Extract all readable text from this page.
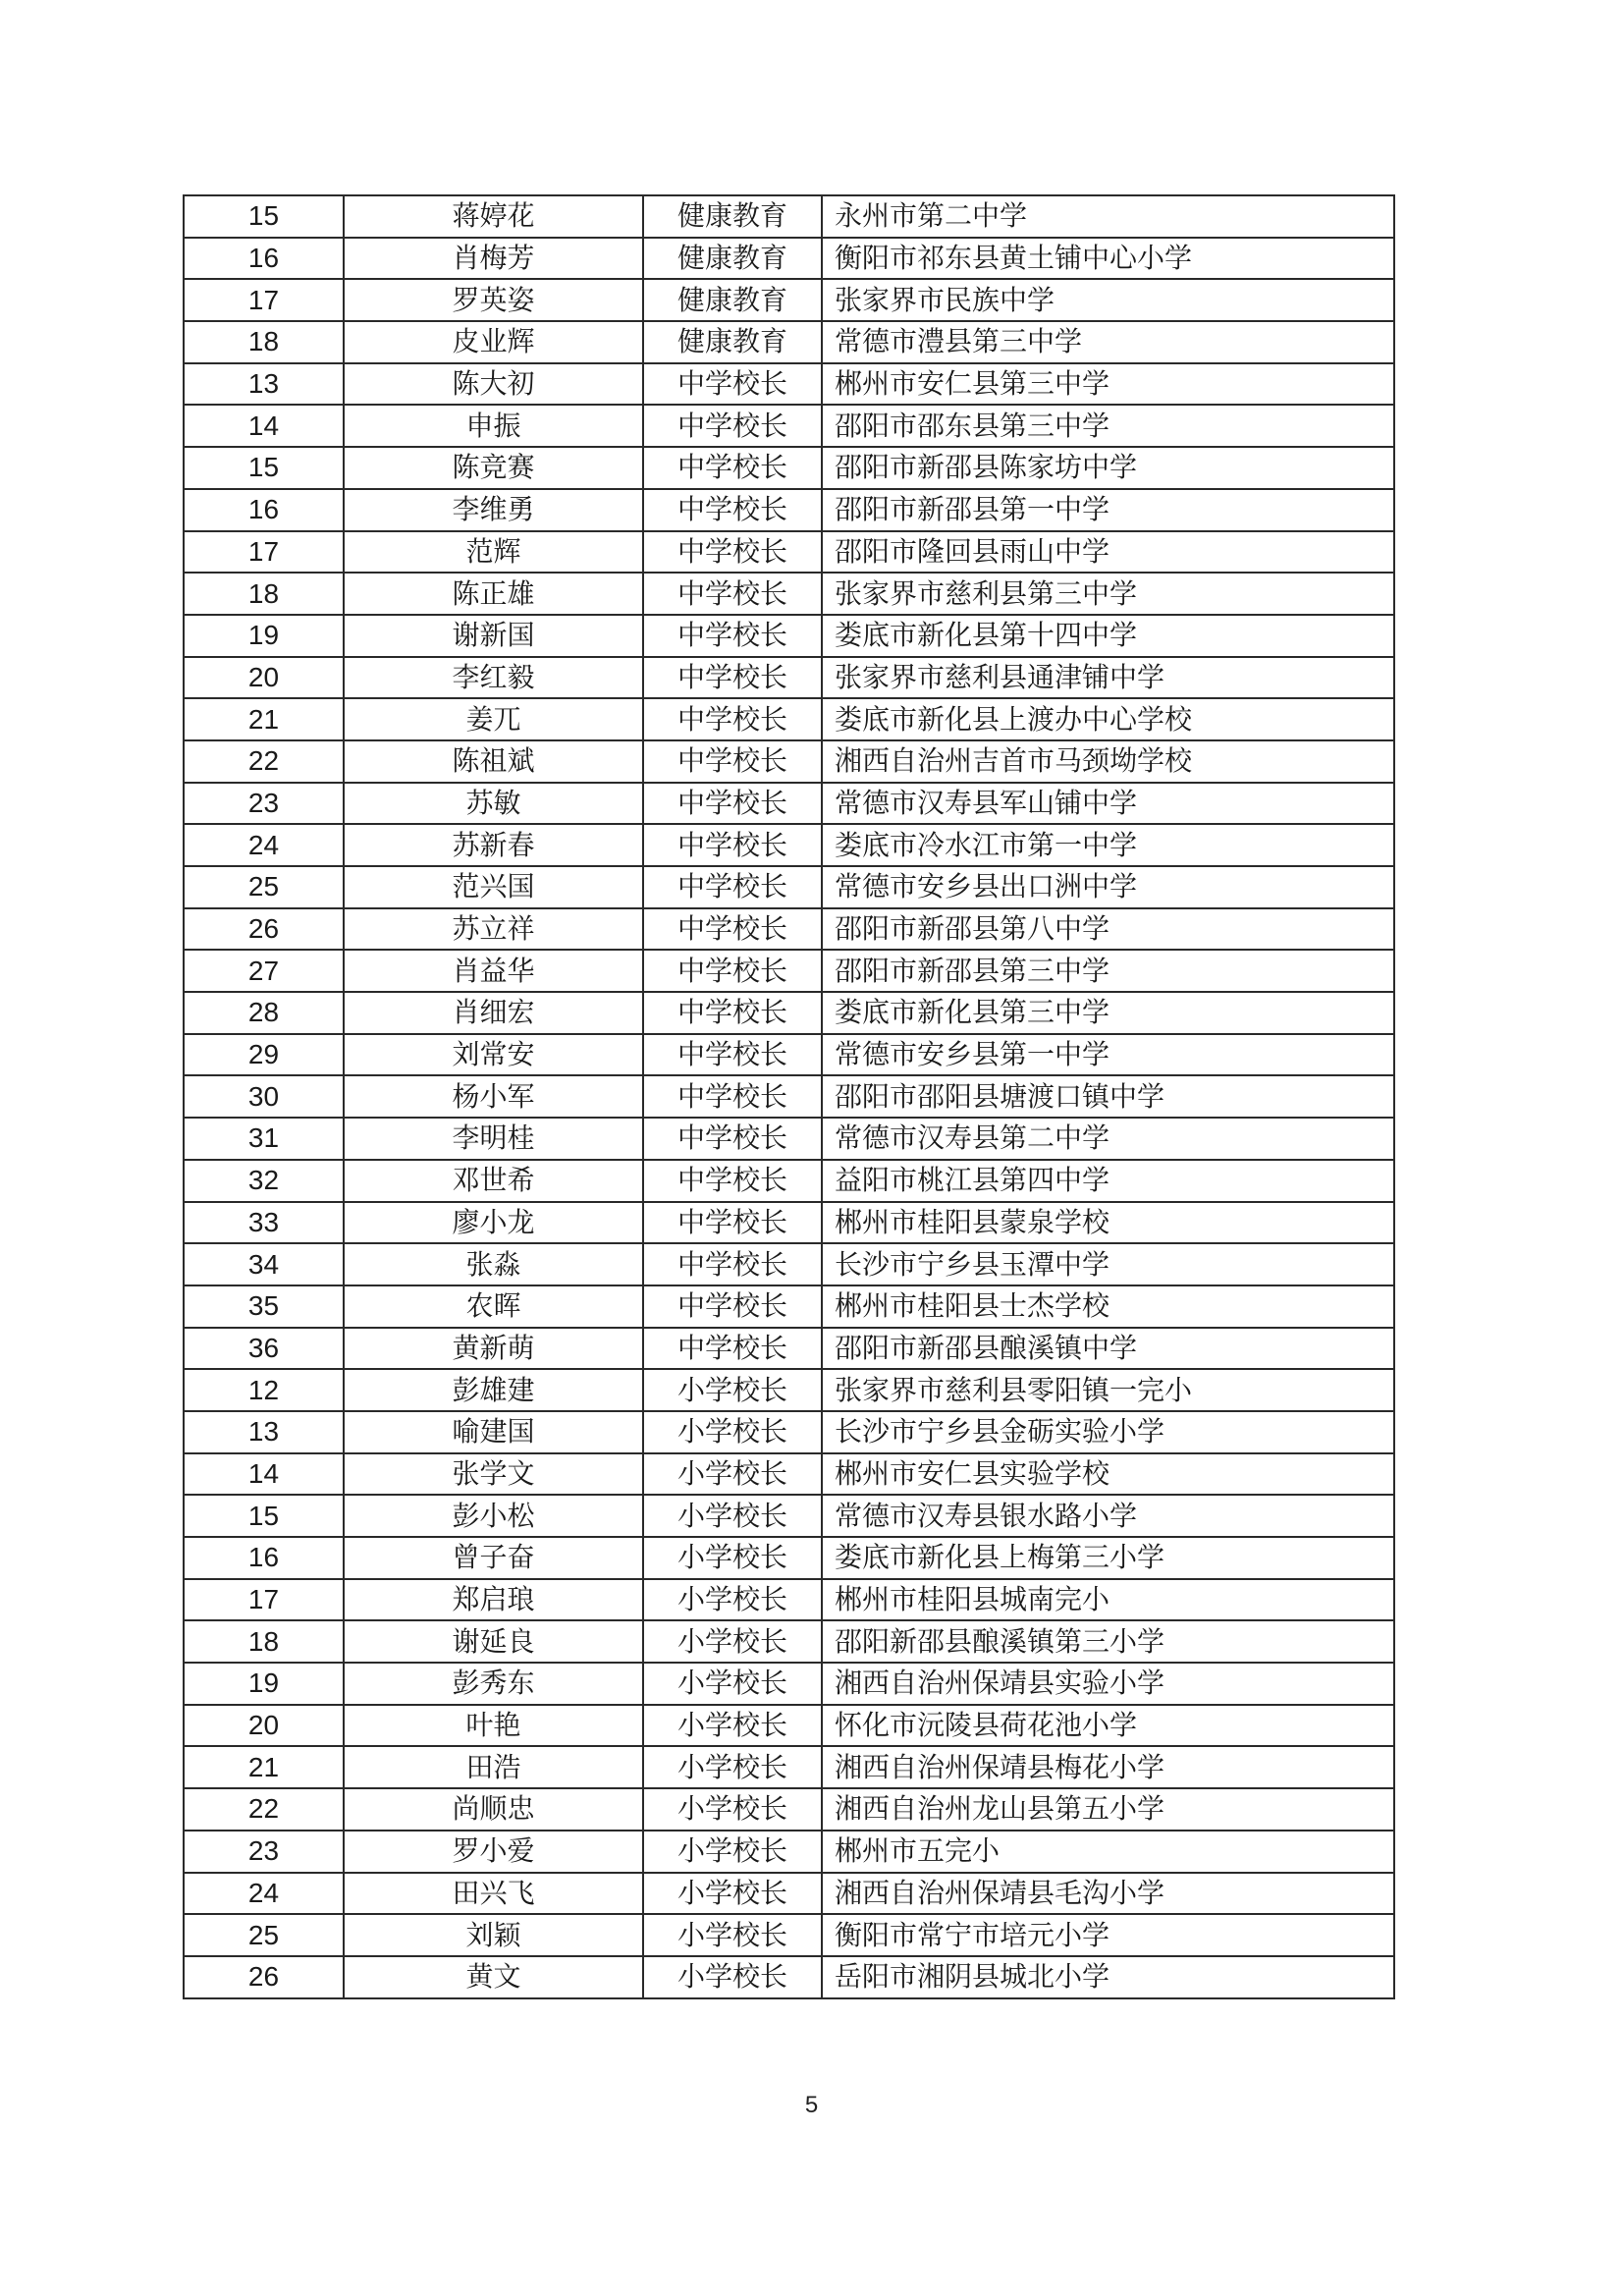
15	蒋婷花	健康教育	永州市第二中学
16	肖梅芳	健康教育	衡阳市祁东县黄土铺中心小学
17	罗英姿	健康教育	张家界市民族中学
18	皮业辉	健康教育	常德市澧县第三中学
13	陈大初	中学校长	郴州市安仁县第三中学
14	申振	中学校长	邵阳市邵东县第三中学
15	陈竞赛	中学校长	邵阳市新邵县陈家坊中学
16	李维勇	中学校长	邵阳市新邵县第一中学
17	范辉	中学校长	邵阳市隆回县雨山中学
18	陈正雄	中学校长	张家界市慈利县第三中学
19	谢新国	中学校长	娄底市新化县第十四中学
20	李红毅	中学校长	张家界市慈利县通津铺中学
21	姜兀	中学校长	娄底市新化县上渡办中心学校
22	陈祖斌	中学校长	湘西自治州吉首市马颈坳学校
23	苏敏	中学校长	常德市汉寿县军山铺中学
24	苏新春	中学校长	娄底市冷水江市第一中学
25	范兴国	中学校长	常德市安乡县出口洲中学
26	苏立祥	中学校长	邵阳市新邵县第八中学
27	肖益华	中学校长	邵阳市新邵县第三中学
28	肖细宏	中学校长	娄底市新化县第三中学
29	刘常安	中学校长	常德市安乡县第一中学
30	杨小军	中学校长	邵阳市邵阳县塘渡口镇中学
31	李明桂	中学校长	常德市汉寿县第二中学
32	邓世希	中学校长	益阳市桃江县第四中学
33	廖小龙	中学校长	郴州市桂阳县蒙泉学校
34	张淼	中学校长	长沙市宁乡县玉潭中学
35	农晖	中学校长	郴州市桂阳县士杰学校
36	黄新萌	中学校长	邵阳市新邵县酿溪镇中学
12	彭雄建	小学校长	张家界市慈利县零阳镇一完小
13	喻建国	小学校长	长沙市宁乡县金砺实验小学
14	张学文	小学校长	郴州市安仁县实验学校
15	彭小松	小学校长	常德市汉寿县银水路小学
16	曾子奋	小学校长	娄底市新化县上梅第三小学
17	郑启琅	小学校长	郴州市桂阳县城南完小
18	谢延良	小学校长	邵阳新邵县酿溪镇第三小学
19	彭秀东	小学校长	湘西自治州保靖县实验小学
20	叶艳	小学校长	怀化市沅陵县荷花池小学
21	田浩	小学校长	湘西自治州保靖县梅花小学
22	尚顺忠	小学校长	湘西自治州龙山县第五小学
23	罗小爱	小学校长	郴州市五完小
24	田兴飞	小学校长	湘西自治州保靖县毛沟小学
25	刘颖	小学校长	衡阳市常宁市培元小学
26	黄文	小学校长	岳阳市湘阴县城北小学
5
